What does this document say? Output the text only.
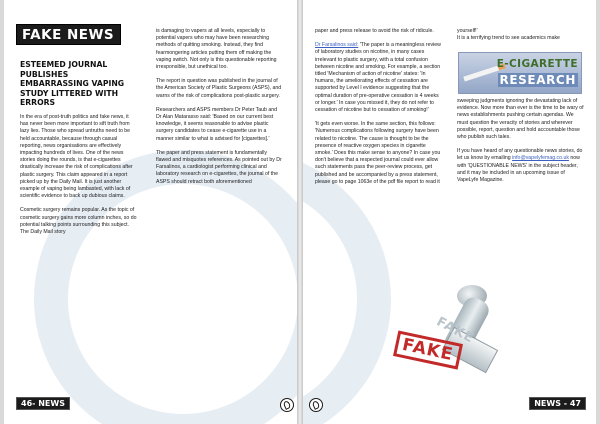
FAKE NEWS
ESTEEMED JOURNAL PUBLISHES EMBARRASSING VAPING STUDY LITTERED WITH ERRORS

In the era of post-truth politics and fake news, it has never been more important to sift truth from lazy lies. Those who spread untruths need to be held accountable, because through casual reporting, news organisations are effectively impacting hundreds of lives. One of the news stories doing the rounds, is that e-cigarettes drastically increase the risk of complications after plastic surgery. This claim appeared in a report picked up by the Daily Mail. It is just another example of vaping being lambasted, with lack of scientific evidence to back up dubious claims.

Cosmetic surgery remains popular. As the topic of cosmetic surgery gains more column inches, so do potential talking points surrounding this subject. The Daily Mail story

is damaging to vapers at all levels, especially to potential vapers who may have been researching methods of quitting smoking. Instead, they find fearmongering articles putting them off making the vaping switch. Not only is this questionable reporting irresponsible, but unethical too.

The report in question was published in the journal of the American Society of Plastic Surgeons (ASPS), and warns of the risk of complications post-plastic surgery.

Researchers and ASPS members Dr Peter Taub and Dr Alan Matarasso said: 'Based on our current best knowledge, it seems reasonable to advise plastic surgery candidates to cease e-cigarette use in a manner similar to what is advised for [cigarettes].'

The paper and press statement is fundamentally flawed and misquotes references. As pointed out by Dr Farsalinos, a cardiologist performing clinical and laboratory research on e-cigarettes, the journal of the ASPS should retract both aforementioned

46- NEWS

paper and press release to avoid the risk of ridicule.

Dr Farsalinos said: 'The paper is a meaningless review of laboratory studies on nicotine, in many cases irrelevant to plastic surgery, with a total confusion between nicotine and smoking. For example, a section titled 'Mechanism of action of nicotine' states: 'In humans, the ameliorating effects of cessation are supported by Level I evidence suggesting that the optimal duration of pre-operative cessation is 4 weeks or longer.' In case you missed it, they do not refer to cessation of nicotine but to cessation of smoking!'

'It gets even worse. In the same section, this follows: 'Numerous complications following surgery have been related to nicotine. The cause is thought to be the presence of reactive oxygen species in cigarette smoke.' Does this make sense to anyone? In case you don't believe that a respected journal could ever allow such statements pass the peer-review process, get published and be accompanied by a press statement, please go to page 1063e of the pdf file report to read it

yourself!'

It is a terrifying trend to see academics make

E-CIGARETTE
RESEARCH

sweeping judgments ignoring the devastating lack of evidence. Now more than ever is the time to be wary of news establishments pushing certain agendas. We must question the veracity of stories and wherever possible, report, question and hold accountable those who publish such tales.

If you have heard of any questionable news stories, do let us know by emailing info@vapelyfemag.co.uk now with 'QUESTIONABLE NEWS' in the subject header, and it may be included in an upcoming issue of VapeLyfe Magazine.

FAKE
FAKE
NEWS - 47
